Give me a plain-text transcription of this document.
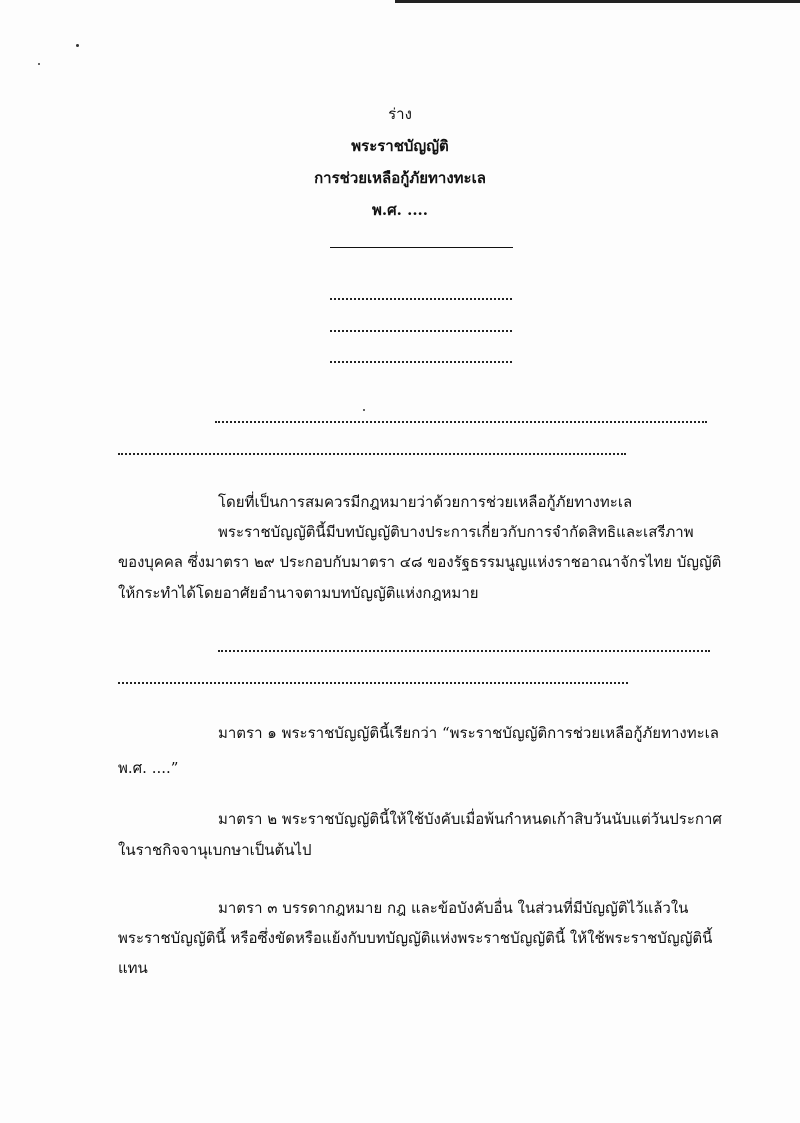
ร่าง
พระราชบัญญัติ
การช่วยเหลือกู้ภัยทางทะเล
พ.ศ. ....
โดยที่เป็นการสมควรมีกฎหมายว่าด้วยการช่วยเหลือกู้ภัยทางทะเล
พระราชบัญญัตินี้มีบทบัญญัติบางประการเกี่ยวกับการจำกัดสิทธิและเสรีภาพ
ของบุคคล ซึ่งมาตรา ๒๙ ประกอบกับมาตรา ๔๘ ของรัฐธรรมนูญแห่งราชอาณาจักรไทย บัญญัติ
ให้กระทำได้โดยอาศัยอำนาจตามบทบัญญัติแห่งกฎหมาย
มาตรา ๑ พระราชบัญญัตินี้เรียกว่า “พระราชบัญญัติการช่วยเหลือกู้ภัยทางทะเล
พ.ศ. ....”
มาตรา ๒ พระราชบัญญัตินี้ให้ใช้บังคับเมื่อพ้นกำหนดเก้าสิบวันนับแต่วันประกาศ
ในราชกิจจานุเบกษาเป็นต้นไป
มาตรา ๓ บรรดากฎหมาย กฎ และข้อบังคับอื่น ในส่วนที่มีบัญญัติไว้แล้วใน
พระราชบัญญัตินี้ หรือซึ่งขัดหรือแย้งกับบทบัญญัติแห่งพระราชบัญญัตินี้ ให้ใช้พระราชบัญญัตินี้
แทน
